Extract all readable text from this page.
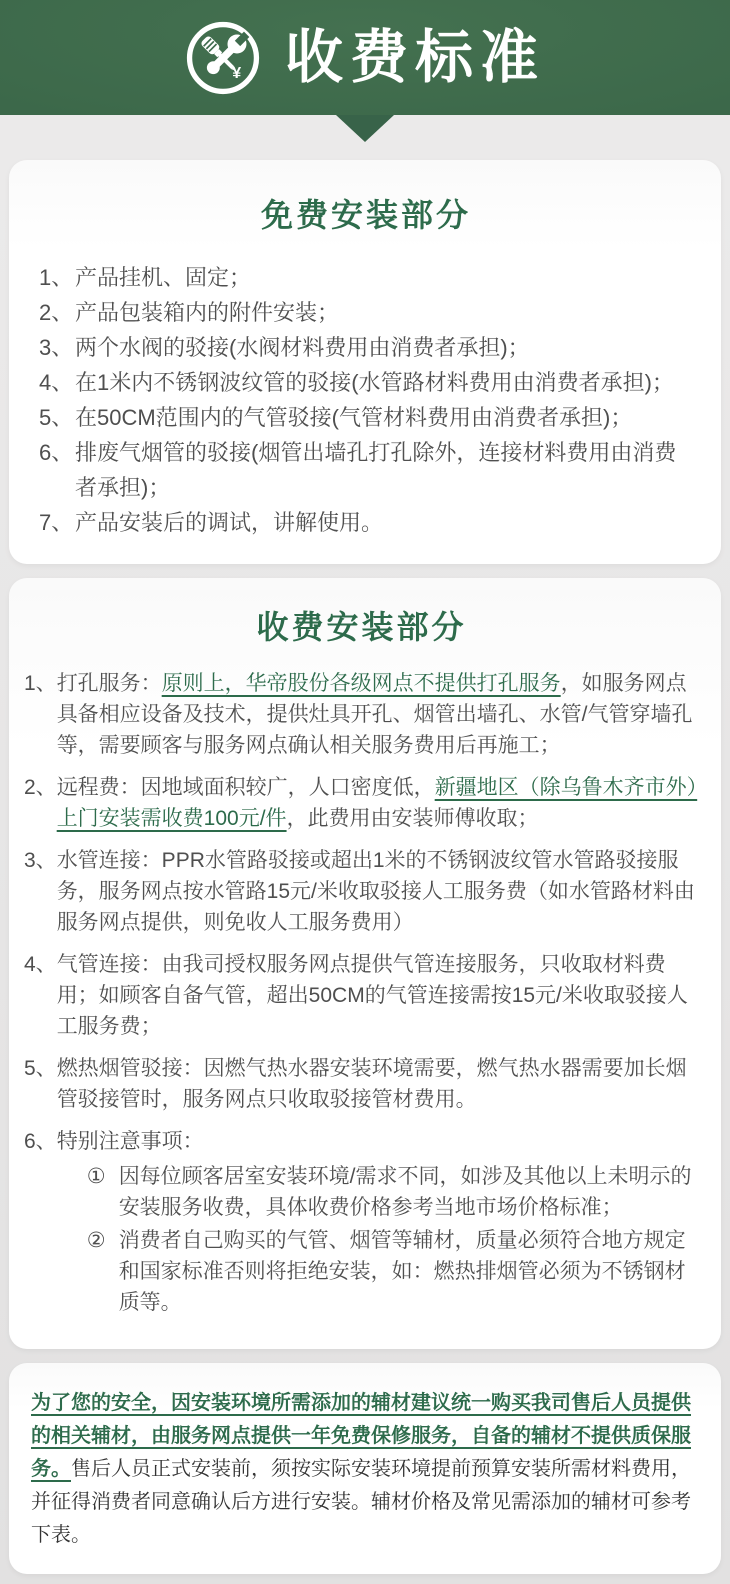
¥ 收费标准
免费安装部分
1、 产品挂机、固定；
2、 产品包装箱内的附件安装；
3、 两个水阀的驳接(水阀材料费用由消费者承担)；
4、 在1米内不锈钢波纹管的驳接(水管路材料费用由消费者承担)；
5、 在50CM范围内的气管驳接(气管材料费用由消费者承担)；
6、 排废气烟管的驳接(烟管出墙孔打孔除外，连接材料费用由消费者承担)；
7、 产品安装后的调试，讲解使用。
收费安装部分
1、 打孔服务：原则上，华帝股份各级网点不提供打孔服务，如服务网点具备相应设备及技术，提供灶具开孔、烟管出墙孔、水管/气管穿墙孔等，需要顾客与服务网点确认相关服务费用后再施工；
2、 远程费：因地域面积较广，人口密度低，新疆地区（除乌鲁木齐市外）上门安装需收费100元/件，此费用由安装师傅收取；
3、 水管连接：PPR水管路驳接或超出1米的不锈钢波纹管水管路驳接服务，服务网点按水管路15元/米收取驳接人工服务费（如水管路材料由服务网点提供，则免收人工服务费用）
4、 气管连接：由我司授权服务网点提供气管连接服务，只收取材料费用；如顾客自备气管，超出50CM的气管连接需按15元/米收取驳接人工服务费；
5、 燃热烟管驳接：因燃气热水器安装环境需要，燃气热水器需要加长烟管驳接管时，服务网点只收取驳接管材费用。
6、 特别注意事项：
① 因每位顾客居室安装环境/需求不同，如涉及其他以上未明示的安装服务收费，具体收费价格参考当地市场价格标准；
② 消费者自己购买的气管、烟管等辅材，质量必须符合地方规定和国家标准否则将拒绝安装，如：燃热排烟管必须为不锈钢材质等。

为了您的安全，因安装环境所需添加的辅材建议统一购买我司售后人员提供的相关辅材，由服务网点提供一年免费保修服务，自备的辅材不提供质保服务。售后人员正式安装前，须按实际安装环境提前预算安装所需材料费用，并征得消费者同意确认后方进行安装。辅材价格及常见需添加的辅材可参考下表。
